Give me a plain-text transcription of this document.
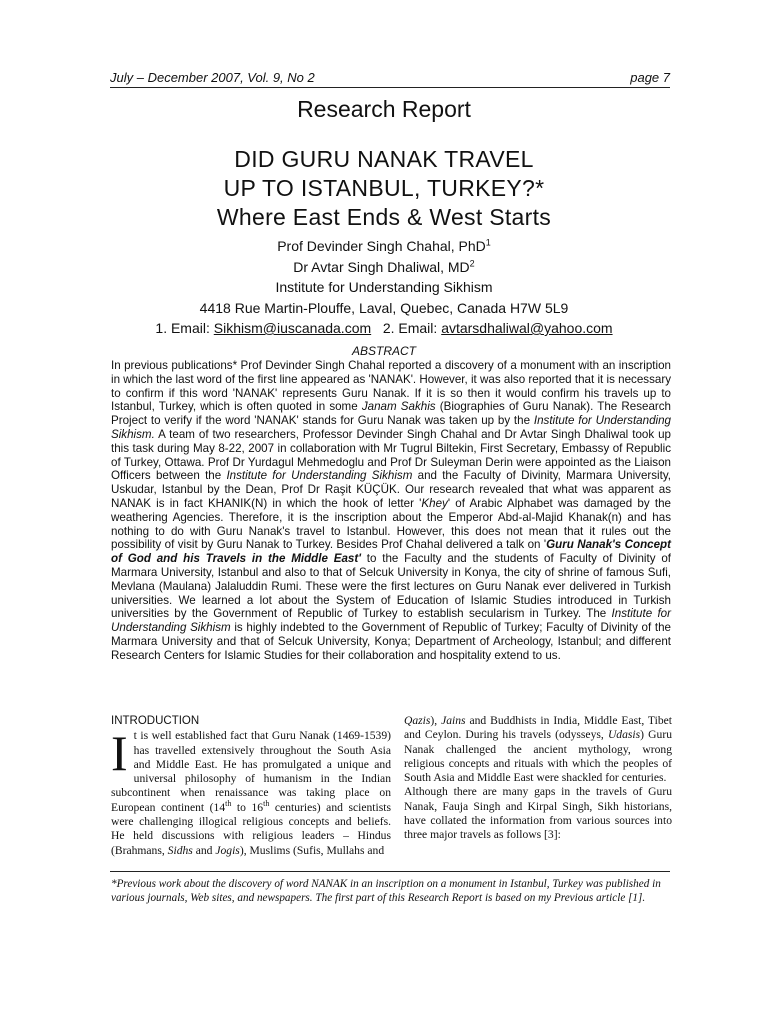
July – December 2007, Vol. 9, No 2	page 7

Research Report
DID GURU NANAK TRAVEL
UP TO ISTANBUL, TURKEY?*
Where East Ends & West Starts
Prof Devinder Singh Chahal, PhD$^1$
Dr Avtar Singh Dhaliwal, $MD^2$
Institute for Understanding Sikhism
4418 Rue Martin-Plouffe, Laval, Quebec, Canada H7W 5L9
1. Email: Sikhism@iuscanada.com 2. Email: avtarsdhaliwal@yahoo.com
ABSTRACT
In previous publications* Prof Devinder Singh Chahal reported a discovery of a monument with an inscription in which the last word of the first line appeared as 'NANAK'. However, it was also reported that it is necessary to confirm if this word 'NANAK' represents Guru Nanak. If it is so then it would confirm his travels up to Istanbul, Turkey, which is often quoted in some Janam Sakhis (Biographies of Guru Nanak). The Research Project to verify if the word 'NANAK' stands for Guru Nanak was taken up by the Institute for Understanding Sikhism. A team of two researchers, Professor Devinder Singh Chahal and Dr Avtar Singh Dhaliwal took up this task during May 8-22, 2007 in collaboration with Mr Tugrul Biltekin, First Secretary, Embassy of Republic of Turkey, Ottawa. Prof Dr Yurdagul Mehmedoglu and Prof Dr Suleyman Derin were appointed as the Liaison Officers between the Institute for Understanding Sikhism and the Faculty of Divinity, Marmara University, Uskudar, Istanbul by the Dean, Prof Dr Raşit KÜÇÜK. Our research revealed that what was apparent as NANAK is in fact KHANIK(N) in which the hook of letter 'Khey' of Arabic Alphabet was damaged by the weathering Agencies. Therefore, it is the inscription about the Emperor Abd-al-Majid Khanak(n) and has nothing to do with Guru Nanak's travel to Istanbul. However, this does not mean that it rules out the possibility of visit by Guru Nanak to Turkey. Besides Prof Chahal delivered a talk on 'Guru Nanak's Concept of God and his Travels in the Middle East' to the Faculty and the students of Faculty of Divinity of Marmara University, Istanbul and also to that of Selcuk University in Konya, the city of shrine of famous Sufi, Mevlana (Maulana) Jalaluddin Rumi. These were the first lectures on Guru Nanak ever delivered in Turkish universities. We learned a lot about the System of Education of Islamic Studies introduced in Turkish universities by the Government of Republic of Turkey to establish secularism in Turkey. The Institute for Understanding Sikhism is highly indebted to the Government of Republic of Turkey; Faculty of Divinity of the Marmara University and that of Selcuk University, Konya; Department of Archeology, Istanbul; and different Research Centers for Islamic Studies for their collaboration and hospitality extend to us.
INTRODUCTION

It is well established fact that Guru Nanak (1469-1539) has travelled extensively throughout the South Asia and Middle East. He has promulgated a unique and universal philosophy of humanism in the Indian subcontinent when renaissance was taking place on European continent (14th to 16th centuries) and scientists were challenging illogical religious concepts and beliefs. He held discussions with religious leaders – Hindus (Brahmans, Sidhs and Jogis), Muslims (Sufis, Mullahs and

Qazis), Jains and Buddhists in India, Middle East, Tibet and Ceylon. During his travels (odysseys, Udasis) Guru Nanak challenged the ancient mythology, wrong religious concepts and rituals with which the peoples of South Asia and Middle East were shackled for centuries.

Although there are many gaps in the travels of Guru Nanak, Fauja Singh and Kirpal Singh, Sikh historians, have collated the information from various sources into three major travels as follows [3]:

*Previous work about the discovery of word NANAK in an inscription on a monument in Istanbul, Turkey was published in various journals, Web sites, and newspapers. The first part of this Research Report is based on my Previous article [1].
